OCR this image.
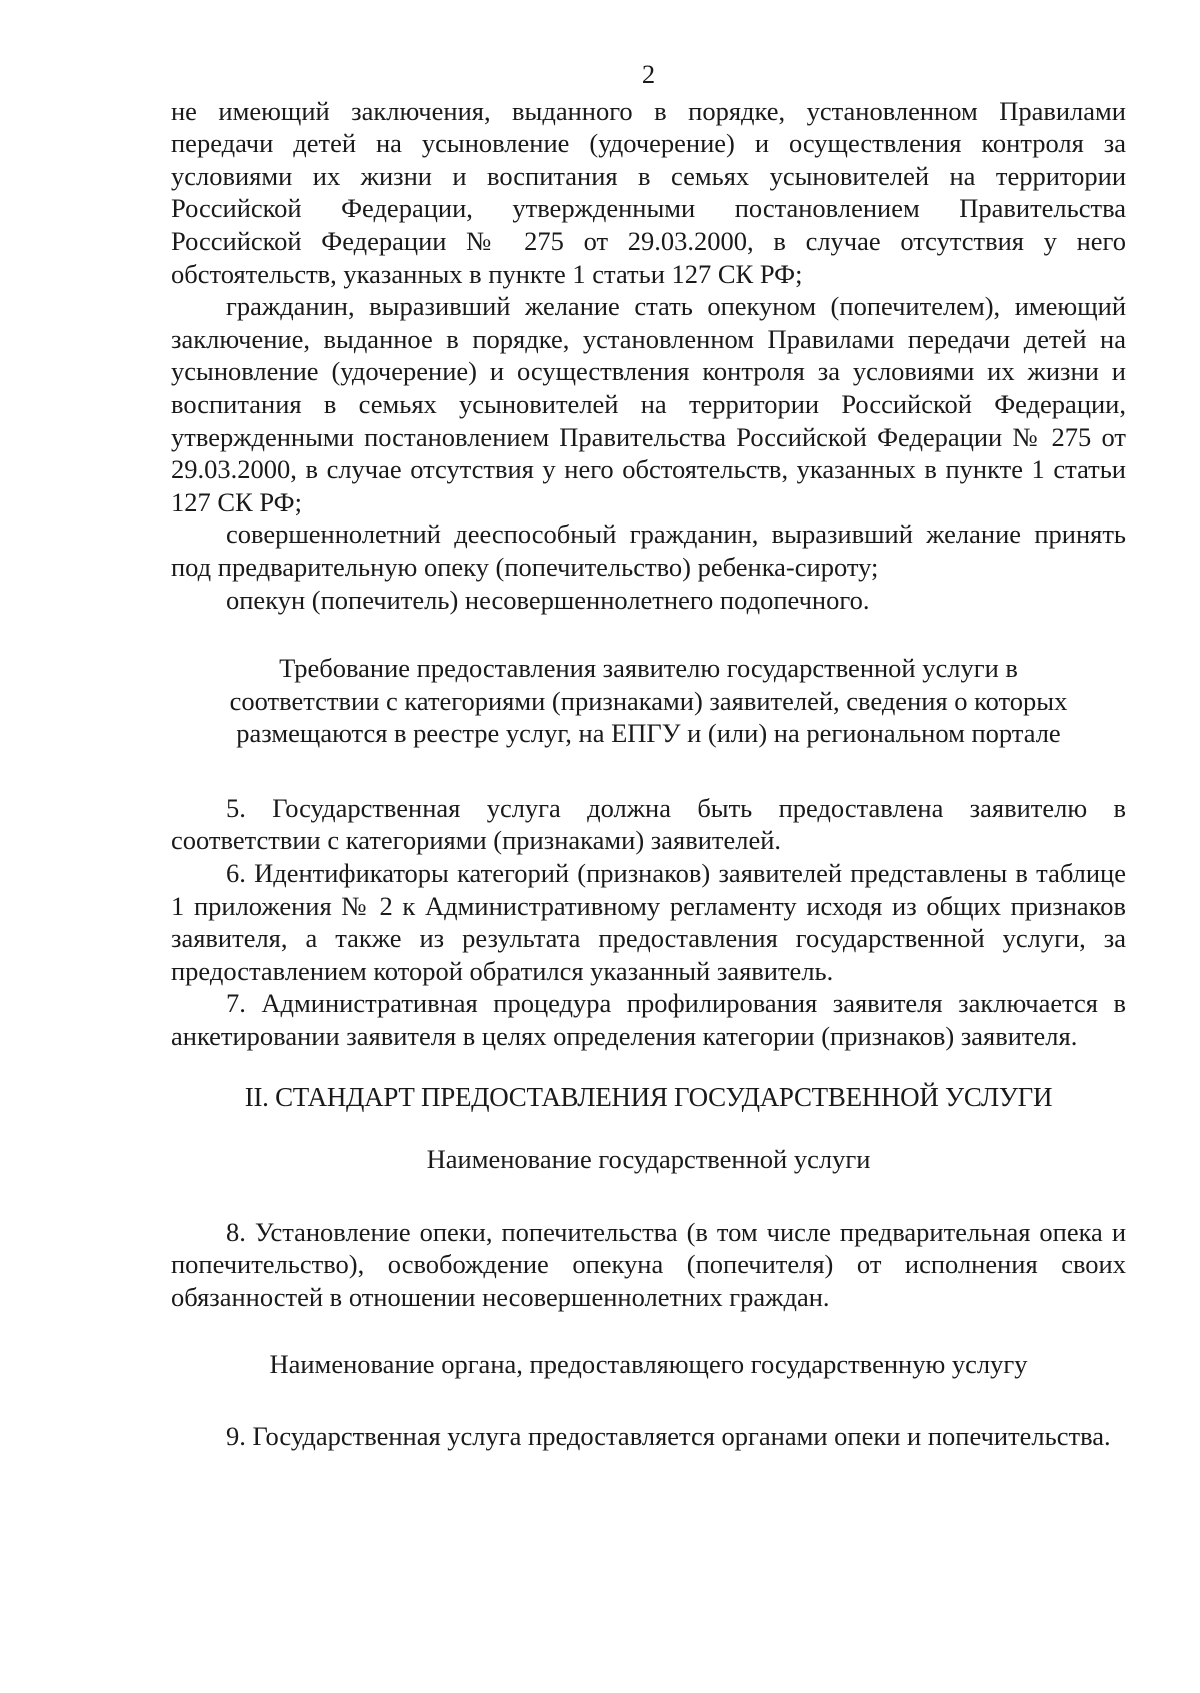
2

не имеющий заключения, выданного в порядке, установленном Правилами передачи детей на усыновление (удочерение) и осуществления контроля за условиями их жизни и воспитания в семьях усыновителей на территории Российской Федерации, утвержденными постановлением Правительства Российской Федерации № 275 от 29.03.2000, в случае отсутствия у него обстоятельств, указанных в пункте 1 статьи 127 СК РФ;

гражданин, выразивший желание стать опекуном (попечителем), имеющий заключение, выданное в порядке, установленном Правилами передачи детей на усыновление (удочерение) и осуществления контроля за условиями их жизни и воспитания в семьях усыновителей на территории Российской Федерации, утвержденными постановлением Правительства Российской Федерации № 275 от 29.03.2000, в случае отсутствия у него обстоятельств, указанных в пункте 1 статьи 127 СК РФ;

совершеннолетний дееспособный гражданин, выразивший желание принять под предварительную опеку (попечительство) ребенка-сироту;

опекун (попечитель) несовершеннолетнего подопечного.

Требование предоставления заявителю государственной услуги в соответствии с категориями (признаками) заявителей, сведения о которых размещаются в реестре услуг, на ЕПГУ и (или) на региональном портале

5. Государственная услуга должна быть предоставлена заявителю в соответствии с категориями (признаками) заявителей.

6. Идентификаторы категорий (признаков) заявителей представлены в таблице 1 приложения № 2 к Административному регламенту исходя из общих признаков заявителя, а также из результата предоставления государственной услуги, за предоставлением которой обратился указанный заявитель.

7. Административная процедура профилирования заявителя заключается в анкетировании заявителя в целях определения категории (признаков) заявителя.

II. СТАНДАРТ ПРЕДОСТАВЛЕНИЯ ГОСУДАРСТВЕННОЙ УСЛУГИ

Наименование государственной услуги

8. Установление опеки, попечительства (в том числе предварительная опека и попечительство), освобождение опекуна (попечителя) от исполнения своих обязанностей в отношении несовершеннолетних граждан.

Наименование органа, предоставляющего государственную услугу

9. Государственная услуга предоставляется органами опеки и попечительства.
